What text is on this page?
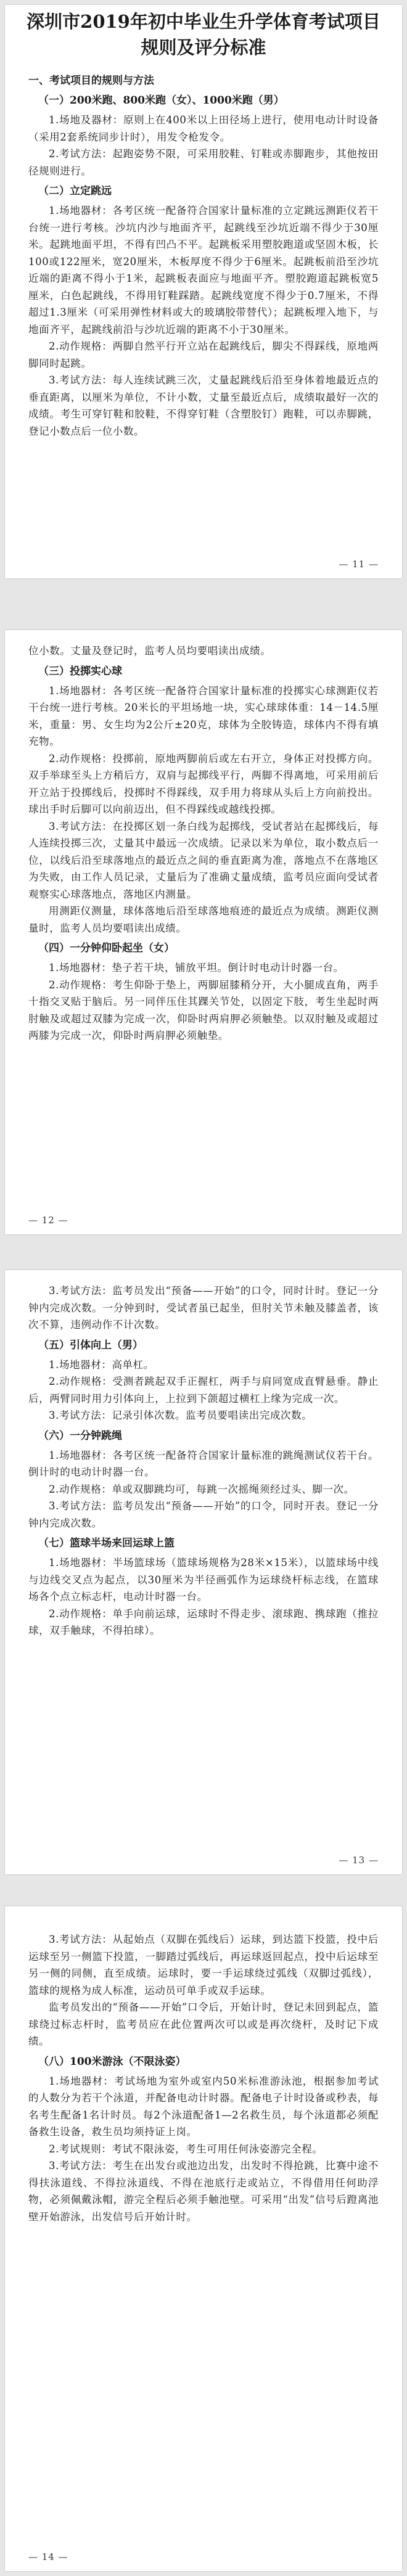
深圳市2019年初中毕业生升学体育考试项目
规则及评分标准
一、考试项目的规则与方法
（一）200米跑、800米跑（女）、1000米跑（男）

1.场地及器材：原则上在400米以上田径场上进行，使用电动计时设备（采用2套系统同步计时），用发令枪发令。

2.考试方法：起跑姿势不限，可采用胶鞋、钉鞋或赤脚跑步，其他按田径规则进行。

（二）立定跳远

1.场地器材：各考区统一配备符合国家计量标准的立定跳远测距仪若干台统一进行考核。沙坑内沙与地面齐平，起跳线至沙坑近端不得少于30厘米。起跳地面平坦，不得有凹凸不平。起跳板采用塑胶跑道或坚固木板，长100或122厘米，宽20厘米，木板厚度不得少于6厘米。起跳板前沿至沙坑近端的距离不得小于1米，起跳板表面应与地面平齐。塑胶跑道起跳板宽5厘米，白色起跳线，不得用钉鞋踩踏。起跳线宽度不得少于0.7厘米，不得超过1.3厘米（可采用弹性材料或大的玻璃胶带替代）；起跳板埋入地下，与地面齐平，起跳线前沿与沙坑近端的距离不小于30厘米。

2.动作规格：两脚自然平行开立站在起跳线后，脚尖不得踩线，原地两脚同时起跳。

3.考试方法：每人连续试跳三次，丈量起跳线后沿至身体着地最近点的垂直距离，以厘米为单位，不计小数，丈量至最近点后，成绩取最好一次的成绩。考生可穿钉鞋和胶鞋，不得穿钉鞋（含塑胶钉）跑鞋，可以赤脚跳，登记小数点后一位小数。

— 11 —

位小数。丈量及登记时，监考人员均要唱读出成绩。

（三）投掷实心球

1.场地器材：各考区统一配备符合国家计量标准的投掷实心球测距仪若干台统一进行考核。20米长的平坦场地一块，实心球球体重：14－14.5厘米，重量：男、女生均为2公斤±20克，球体为全胶铸造，球体内不得有填充物。

2.动作规格：投掷前，原地两脚前后或左右开立，身体正对投掷方向。双手举球至头上方稍后方，双肩与起掷线平行，两脚不得离地，可采用前后开立站于投掷线后，投掷时不得踩线，双手用力将球从头后上方向前投出。球出手时后脚可以向前迈出，但不得踩线或越线投掷。

3.考试方法：在投掷区划一条白线为起掷线，受试者站在起掷线后，每人连续投掷三次，丈量其中最远一次成绩。记录以米为单位，取小数点后一位，以线后沿至球落地点的最近点之间的垂直距离为准，落地点不在落地区为失败，由工作人员记录，丈量后为了准确丈量成绩，监考员应面向受试者观察实心球落地点，落地区内测量。

用测距仪测量，球体落地后沿至球落地痕迹的最近点为成绩。测距仪测量时，监考人员均要唱读出成绩。

（四）一分钟仰卧起坐（女）

1.场地器材：垫子若干块，铺放平坦。倒计时电动计时器一台。

2.动作规格：考生仰卧于垫上，两脚屈膝稍分开，大小腿成直角，两手十指交叉贴于脑后。另一同伴压住其踝关节处，以固定下肢，考生坐起时两肘触及或超过双膝为完成一次，仰卧时两肩胛必须触垫。以双肘触及或超过两膝为完成一次，仰卧时两肩胛必须触垫。

— 12 —

3.考试方法：监考员发出“预备——开始”的口令，同时计时。登记一分钟内完成次数。一分钟到时，受试者虽已起坐，但肘关节未触及膝盖者，该次不算，违例动作不计次数。

（五）引体向上（男）

1.场地器材：高单杠。

2.动作规格：受测者跳起双手正握杠，两手与肩同宽成直臂悬垂。静止后，两臂同时用力引体向上，上拉到下颌超过横杠上缘为完成一次。

3.考试方法：记录引体次数。监考员要唱读出完成次数。

（六）一分钟跳绳

1.场地器材：各考区统一配备符合国家计量标准的跳绳测试仪若干台。倒计时的电动计时器一台。

2.动作规格：单或双脚跳均可，每跳一次摇绳须经过头、脚一次。

3.考试方法：监考员发出“预备——开始”的口令，同时开表。登记一分钟内完成次数。

（七）篮球半场来回运球上篮

1.场地器材：半场篮球场（篮球场规格为28米×15米），以篮球场中线与边线交叉点为起点，以30厘米为半径画弧作为运球绕杆标志线，在篮球场各个点立标志杆，电动计时器一台。

2.动作规格：单手向前运球，运球时不得走步、滚球跑、携球跑（推拉球，双手触球，不得拍球）。

— 13 —

3.考试方法：从起始点（双脚在弧线后）运球，到达篮下投篮，投中后运球至另一侧篮下投篮，一脚踏过弧线后，再运球返回起点，投中后运球至另一侧的同侧，直至成绩。运球时，要一手运球绕过弧线（双脚过弧线），篮球的规格为成人标准，运动员可单手或双手运球。

监考员发出的“预备——开始”口令后，开始计时，登记未回到起点，篮球绕过标志杆时，监考员应在此位置两次可以或是再次绕杆，及时记下成绩。

（八）100米游泳（不限泳姿）

1.场地器材：考试场地为室外或室内50米标准游泳池，根据参加考试的人数分为若干个泳道，并配备电动计时器。配备电子计时设备或秒表，每名考生配备1名计时员。每2个泳道配备1—2名救生员，每个泳道都必须配备救生设备，救生员均须持证上岗。

2.考试规则：考试不限泳姿，考生可用任何泳姿游完全程。

3.考试方法：考生在出发台或池边出发，出发时不得抢跳，比赛中途不得扶泳道线、不得拉泳道线、不得在池底行走或站立，不得借用任何助浮物，必须佩戴泳帽，游完全程后必须手触池壁。可采用“出发”信号后蹬离池壁开始游泳，出发信号后开始计时。

— 14 —
